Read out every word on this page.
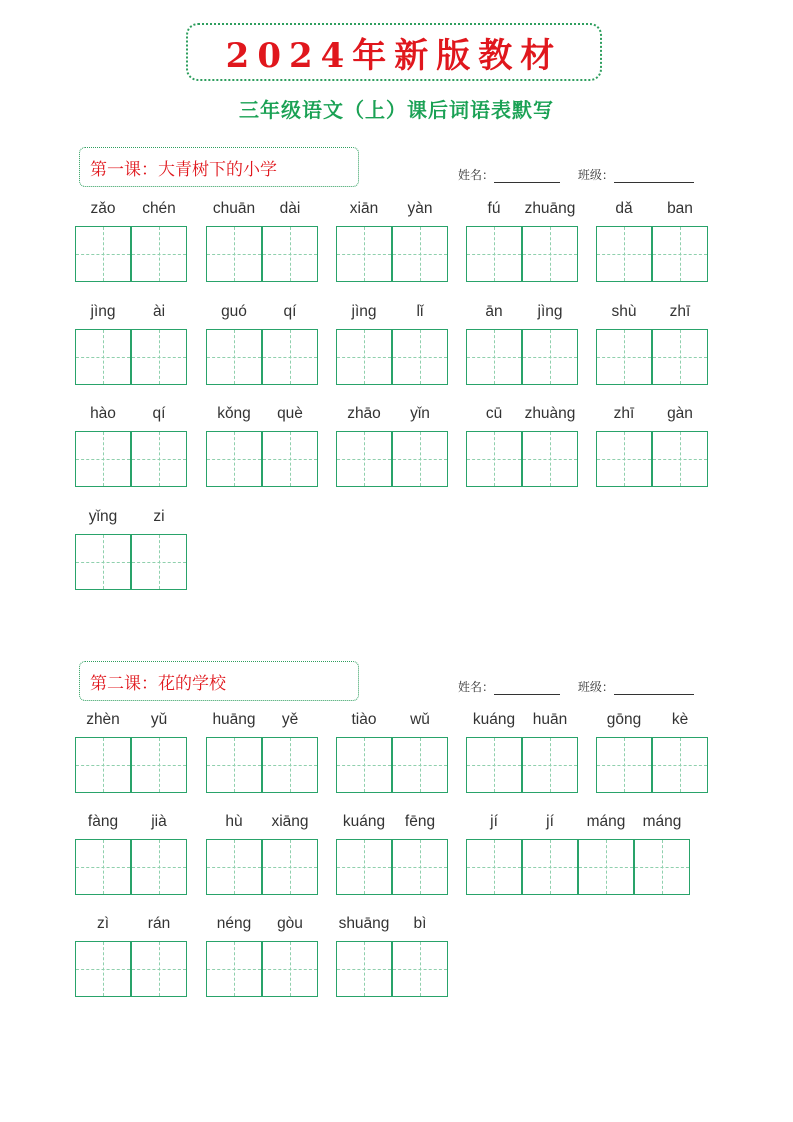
2024年新版教材
三年级语文（上）课后词语表默写
第一课：大青树下的小学	姓名：	班级：
第二课：花的学校	姓名：	班级：
zǎo	chén	chuān	dài	xiān	yàn	fú	zhuāng	dǎ	ban
jìng	ài	guó	qí	jìng	lǐ	ān	jìng	shù	zhī
hào	qí	kǒng	què	zhāo	yǐn	cū	zhuàng	zhī	gàn
yǐng	zi
zhèn	yǔ	huāng	yě	tiào	wǔ	kuáng	huān	gōng	kè
fàng	jià	hù	xiāng	kuáng	fēng	jí	jí	máng	máng
zì	rán	néng	gòu	shuāng	bì
